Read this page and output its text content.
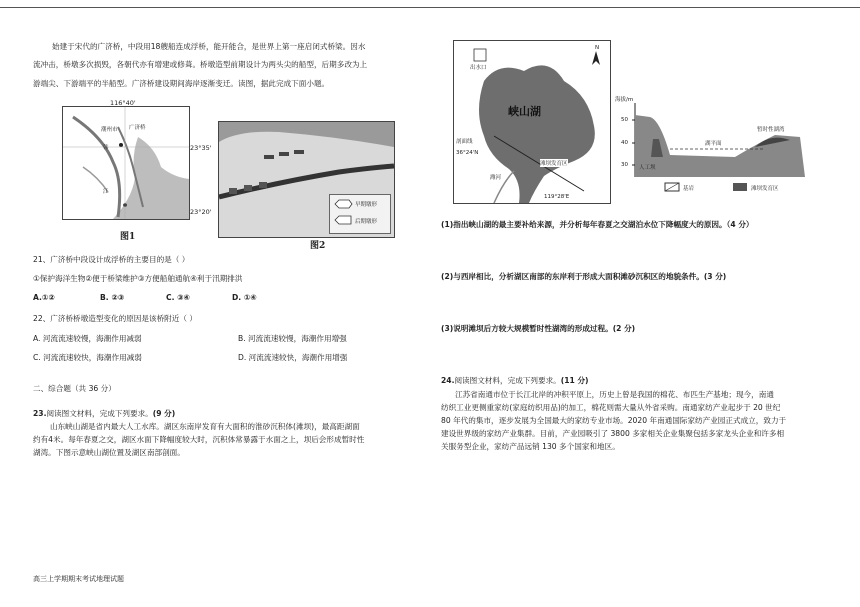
始建于宋代的广济桥，中段用18艘船连成浮桥，能开能合，是世界上第一座启闭式桥梁。因水
流冲击，桥墩多次损毁，各朝代亦有增建或修葺。桥墩造型前期设计为两头尖的船型，后期多改为上
游端尖、下游端平的半船型。广济桥建设期间海岸逐渐变迁。读图，据此完成下面小题。
潮州市 广济桥
韩
江
116°40'
23°35'
23°20'
图1
早期墩形
后期墩形
图2
21、广济桥中段设计成浮桥的主要目的是（ ）
①保护海洋生物②便于桥梁维护③方便船舶通航④利于汛期排洪
A.①②	B. ②③	C. ③④	D. ①④
22、广济桥桥墩造型变化的原因是该桥附近（ ）
A. 河流流速较慢，海潮作用减弱	B. 河流流速较慢，海潮作用增强
C. 河流流速较快，海潮作用减弱	D. 河流流速较快，海潮作用增强
二、综合题（共 36 分）
23.阅读图文材料，完成下列要求。(9 分)
山东峡山湖是省内最大人工水库。湖区东南岸发育有大面积的淮砂沉积体(滩坝)，最高距湖面
约有4米。每年春夏之交，湖区水面下降幅度较大时，沉积体常暴露于水面之上，坝后会形成暂时性
湖湾。下图示意峡山湖位置及湖区南部剖面。
高三上学期期末考试地理试题
峡山湖
出水口
N
剖面线
36°24'N
滩坝发育区
潍河
119°28'E
海拔/m
50
40
30
湖平面
暂时性湖湾
人工坝
基岩	滩坝发育区
(1)指出峡山湖的最主要补给来源，并分析每年春夏之交湖泊水位下降幅度大的原因。（4 分）
(2)与西岸相比，分析湖区南部的东岸利于形成大面积滩砂沉积区的地貌条件。(3 分)
(3)说明滩坝后方较大规模暂时性湖湾的形成过程。(2 分)
24.阅读图文材料，完成下列要求。(11 分)
江苏省南通市位于长江北岸的冲积平原上，历史上曾是我国的棉花、布匹生产基地；现今，南通
纺织工业更侧重家纺(家庭纺织用品)的加工，棉花则需大量从外省采购。南通家纺产业起步于 20 世纪
80 年代的集市，逐步发展为全国最大的家纺专业市场。2020 年南通国际家纺产业园正式成立，致力于
建设世界级的家纺产业集群。目前，产业园吸引了 3800 多家相关企业集聚包括多家龙头企业和许多相
关服务型企业，家纺产品远销 130 多个国家和地区。
